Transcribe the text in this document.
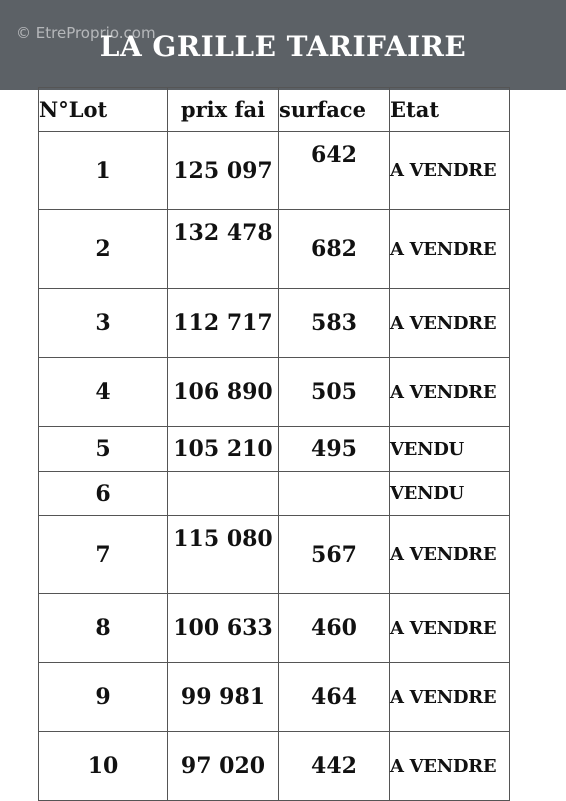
© EtreProprio.com
LA GRILLE TARIFAIRE
N°Lot	prix fai	surface	Etat
1	125 097	642	A VENDRE
2	132 478	682	A VENDRE
3	112 717	583	A VENDRE
4	106 890	505	A VENDRE
5	105 210	495	VENDU
6			VENDU
7	115 080	567	A VENDRE
8	100 633	460	A VENDRE
9	99 981	464	A VENDRE
10	97 020	442	A VENDRE
